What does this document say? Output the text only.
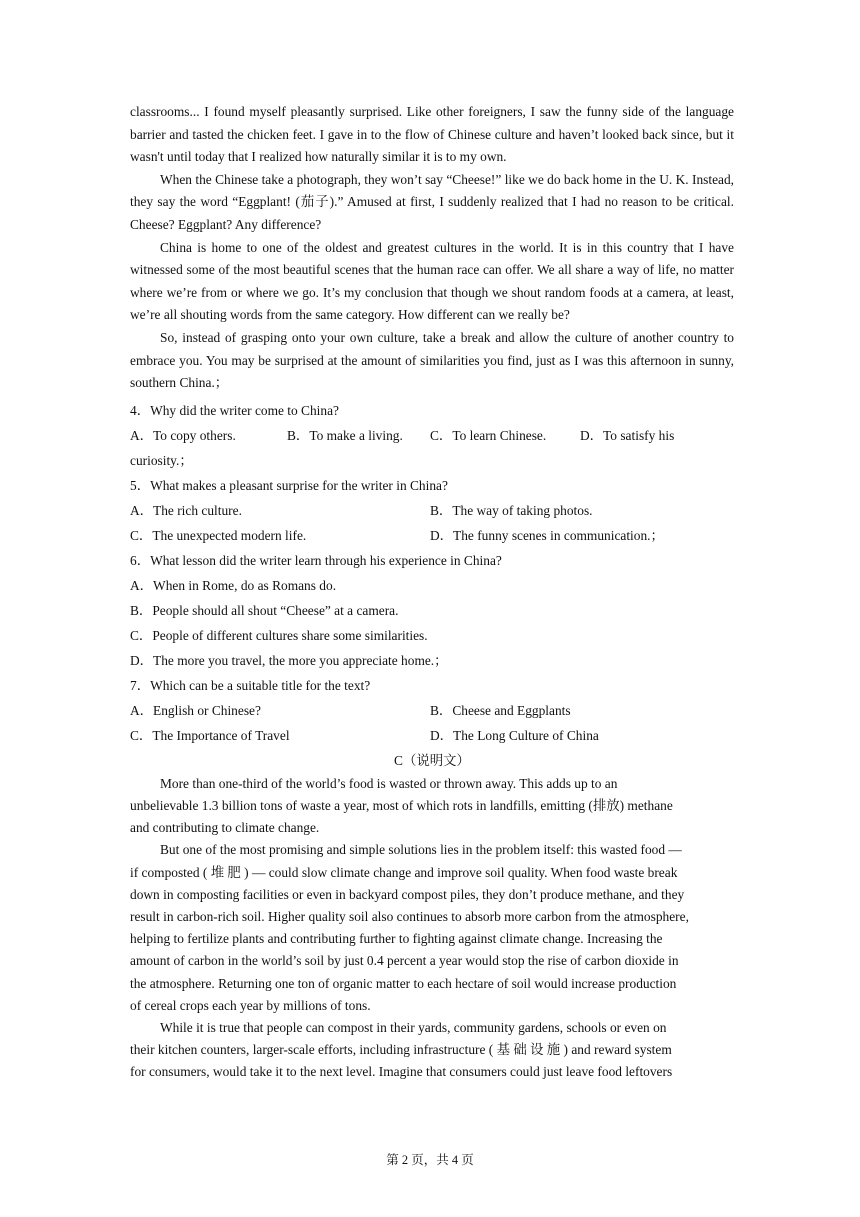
classrooms... I found myself pleasantly surprised. Like other foreigners, I saw the funny side of the language barrier and tasted the chicken feet. I gave in to the flow of Chinese culture and haven’t looked back since, but it wasn't until today that I realized how naturally similar it is to my own.

When the Chinese take a photograph, they won’t say “Cheese!” like we do back home in the U. K. Instead, they say the word “Eggplant! (茄子).” Amused at first, I suddenly realized that I had no reason to be critical. Cheese? Eggplant? Any difference?

China is home to one of the oldest and greatest cultures in the world. It is in this country that I have witnessed some of the most beautiful scenes that the human race can offer. We all share a way of life, no matter where we’re from or where we go. It’s my conclusion that though we shout random foods at a camera, at least, we’re all shouting words from the same category. How different can we really be?

So, instead of grasping onto your own culture, take a break and allow the culture of another country to embrace you. You may be surprised at the amount of similarities you find, just as I was this afternoon in sunny, southern China.；

4．Why did the writer come to China?

A．To copy others.	B．To make a living. C．To learn Chinese.	D．To satisfy his

curiosity.；

5．What makes a pleasant surprise for the writer in China?

A．The rich culture.	B．The way of taking photos.
C．The unexpected modern life.	D．The funny scenes in communication.；

6．What lesson did the writer learn through his experience in China?

A．When in Rome, do as Romans do.

B．People should all shout “Cheese” at a camera.

C．People of different cultures share some similarities.

D．The more you travel, the more you appreciate home.；

7．Which can be a suitable title for the text?

A．English or Chinese?	B．Cheese and Eggplants
C．The Importance of Travel	D．The Long Culture of China

C（说明文）

More than one-third of the world’s food is wasted or thrown away. This adds up to an

unbelievable 1.3 billion tons of waste a year, most of which rots in landfills, emitting (排放) methane

and contributing to climate change.

But one of the most promising and simple solutions lies in the problem itself: this wasted food —

if composted ( 堆 肥 ) — could slow climate change and improve soil quality. When food waste break

down in composting facilities or even in backyard compost piles, they don’t produce methane, and they

result in carbon-rich soil. Higher quality soil also continues to absorb more carbon from the atmosphere,

helping to fertilize plants and contributing further to fighting against climate change. Increasing the

amount of carbon in the world’s soil by just 0.4 percent a year would stop the rise of carbon dioxide in

the atmosphere. Returning one ton of organic matter to each hectare of soil would increase production

of cereal crops each year by millions of tons.

While it is true that people can compost in their yards, community gardens, schools or even on

their kitchen counters, larger-scale efforts, including infrastructure ( 基 础 设 施 ) and reward system

for consumers, would take it to the next level. Imagine that consumers could just leave food leftovers

第 2 页，共 4 页
